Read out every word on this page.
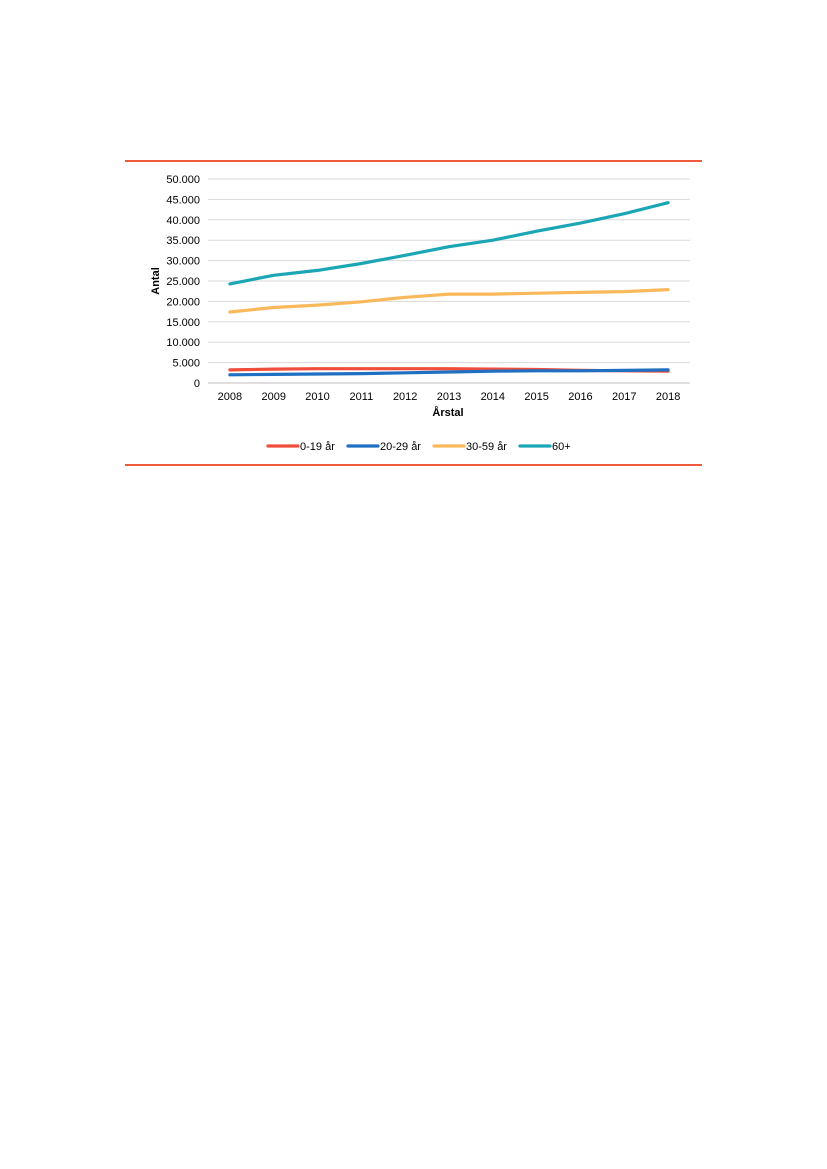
0
5.000
10.000
15.000
20.000
25.000
30.000
35.000
40.000
45.000
50.000
2008 2009 2010 2011 2012 2013 2014 2015 2016 2017 2018
Antal
Årstal
0-19 år	20-29 år	30-59 år	60+
